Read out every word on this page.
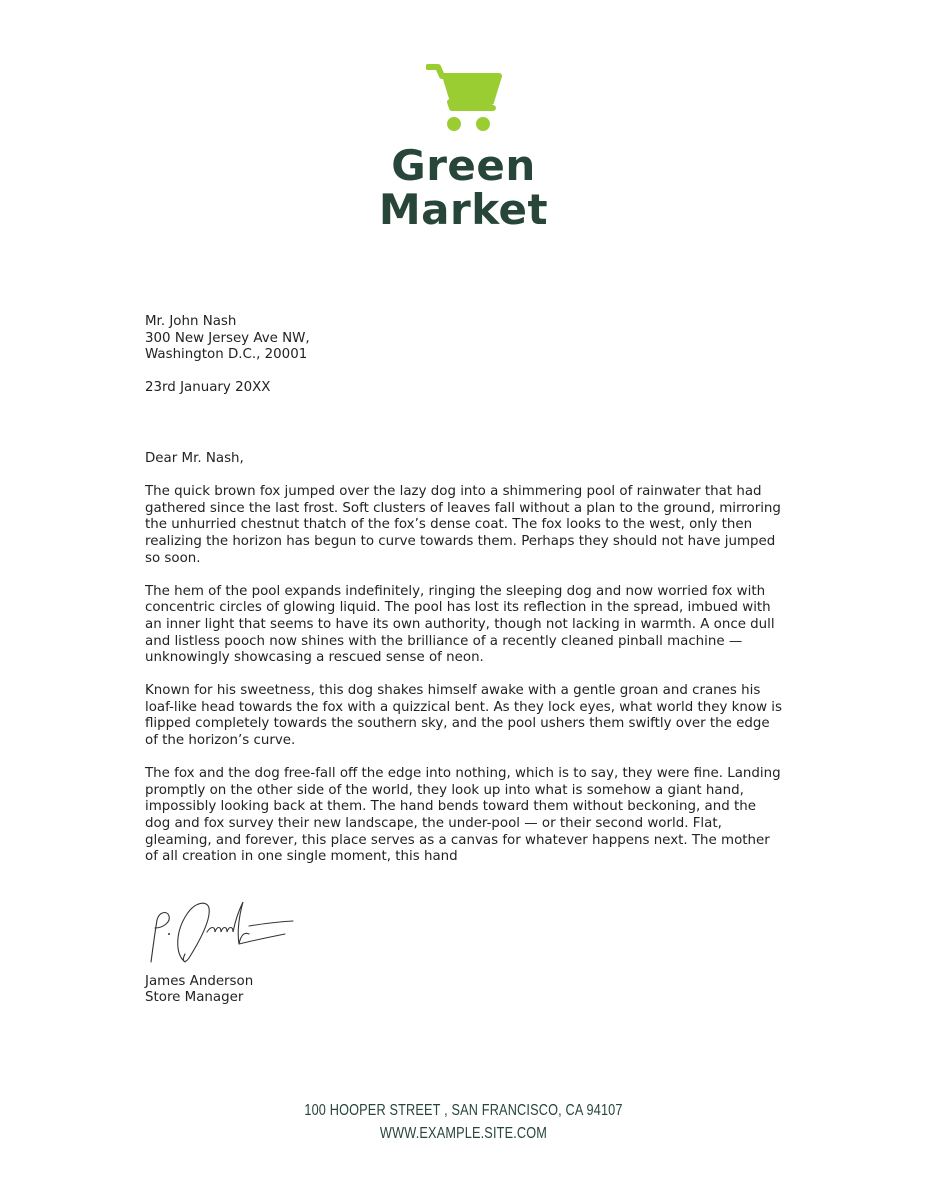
Green
Market

Mr. John Nash
300 New Jersey Ave NW,
Washington D.C., 20001

23rd January 20XX

Dear Mr. Nash,

The quick brown fox jumped over the lazy dog into a shimmering pool of rainwater that had gathered since the last frost. Soft clusters of leaves fall without a plan to the ground, mirroring the unhurried chestnut thatch of the fox’s dense coat. The fox looks to the west, only then realizing the horizon has begun to curve towards them. Perhaps they should not have jumped so soon.

The hem of the pool expands indefinitely, ringing the sleeping dog and now worried fox with concentric circles of glowing liquid. The pool has lost its reflection in the spread, imbued with an inner light that seems to have its own authority, though not lacking in warmth. A once dull and listless pooch now shines with the brilliance of a recently cleaned pinball machine — unknowingly showcasing a rescued sense of neon.

Known for his sweetness, this dog shakes himself awake with a gentle groan and cranes his loaf-like head towards the fox with a quizzical bent. As they lock eyes, what world they know is flipped completely towards the southern sky, and the pool ushers them swiftly over the edge of the horizon’s curve.

The fox and the dog free-fall off the edge into nothing, which is to say, they were fine. Landing promptly on the other side of the world, they look up into what is somehow a giant hand, impossibly looking back at them. The hand bends toward them without beckoning, and the dog and fox survey their new landscape, the under-pool — or their second world. Flat, gleaming, and forever, this place serves as a canvas for whatever happens next. The mother of all creation in one single moment, this hand

James Anderson
Store Manager

100 HOOPER STREET , SAN FRANCISCO, CA 94107
WWW.EXAMPLE.SITE.COM
